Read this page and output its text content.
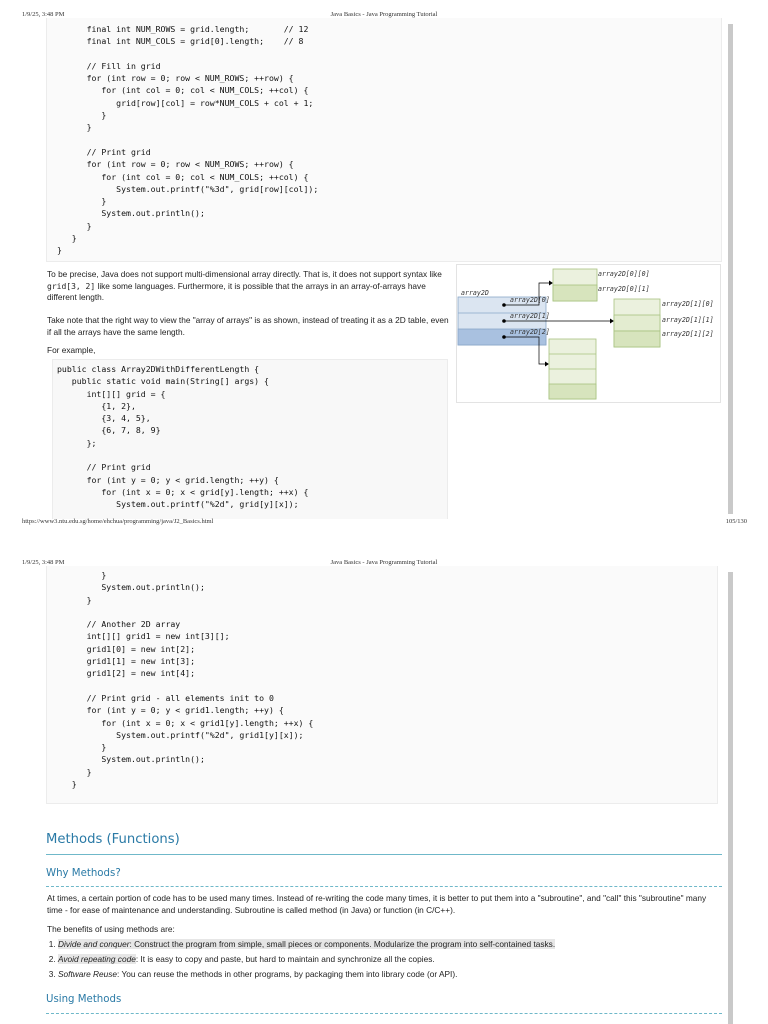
1/9/25, 3:48 PM	Java Basics - Java Programming Tutorial
final int NUM_ROWS = grid.length;       // 12
final int NUM_COLS = grid[0].length;    // 8

// Fill in grid
for (int row = 0; row < NUM_ROWS; ++row) {
for (int col = 0; col < NUM_COLS; ++col) {
grid[row][col] = row*NUM_COLS + col + 1;
}
}

// Print grid
for (int row = 0; row < NUM_ROWS; ++row) {
for (int col = 0; col < NUM_COLS; ++col) {
System.out.printf("%3d", grid[row][col]);
}
System.out.println();
}
}
}
To be precise, Java does not support multi-dimensional array directly. That is, it does not support syntax like grid[3, 2] like some languages. Furthermore, it is possible that the arrays in an array-of-arrays have different length.
Take note that the right way to view the "array of arrays" is as shown, instead of treating it as a 2D table, even if all the arrays have the same length.
For example,
public class Array2DWithDifferentLength {
public static void main(String[] args) {
int[][] grid = {
{1, 2},
{3, 4, 5},
{6, 7, 8, 9}
};

// Print grid
for (int y = 0; y < grid.length; ++y) {
for (int x = 0; x < grid[y].length; ++x) {
System.out.printf("%2d", grid[y][x]);
array2D
array2D[0]
array2D[1]
array2D[2]
array2D[0][0]
array2D[0][1]
array2D[1][0]
array2D[1][1]
array2D[1][2]
https://www3.ntu.edu.sg/home/ehchua/programming/java/J2_Basics.html	105/130
1/9/25, 3:48 PM	Java Basics - Java Programming Tutorial
}
System.out.println();
}

// Another 2D array
int[][] grid1 = new int[3][];
grid1[0] = new int[2];
grid1[1] = new int[3];
grid1[2] = new int[4];

// Print grid - all elements init to 0
for (int y = 0; y < grid1.length; ++y) {
for (int x = 0; x < grid1[y].length; ++x) {
System.out.printf("%2d", grid1[y][x]);
}
System.out.println();
}
}
Methods (Functions)
Why Methods?
At times, a certain portion of code has to be used many times. Instead of re-writing the code many times, it is better to put them into a "subroutine", and "call" this "subroutine" many time - for ease of maintenance and understanding. Subroutine is called method (in Java) or function (in C/C++).
The benefits of using methods are:
1. Divide and conquer: Construct the program from simple, small pieces or components. Modularize the program into self-contained tasks.
2. Avoid repeating code: It is easy to copy and paste, but hard to maintain and synchronize all the copies.
3. Software Reuse: You can reuse the methods in other programs, by packaging them into library code (or API).
Using Methods
